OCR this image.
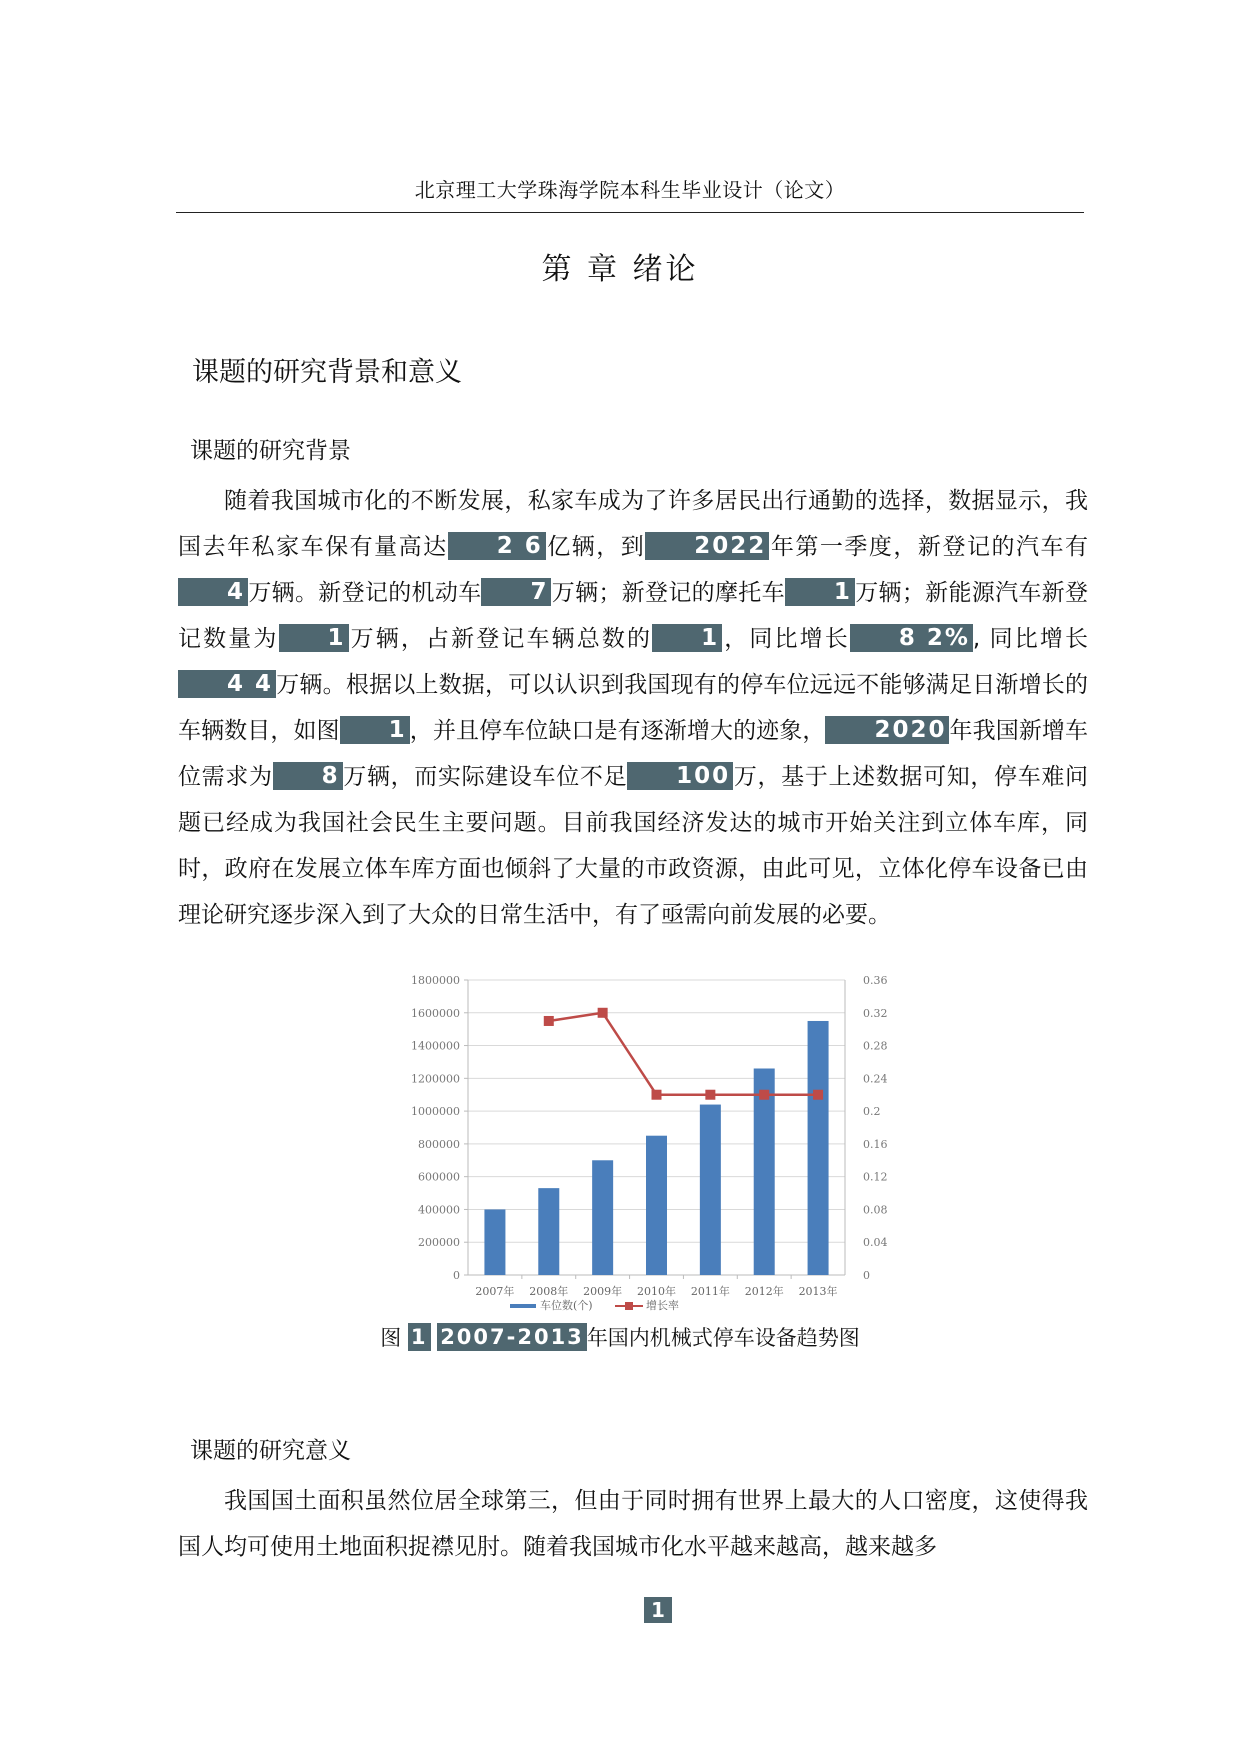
北京理工大学珠海学院本科生毕业设计（论文）
第 章 绪论
课题的研究背景和意义
课题的研究背景

随着我国城市化的不断发展，私家车成为了许多居民出行通勤的选择，数据显示，我国去年私家车保有量高达 2 6 亿辆，到 2022 年第一季度，新登记的汽车有4 万辆。新登记的机动车 7 万辆；新登记的摩托车 1 万辆；新能源汽车新登记数量为 1 万辆，占新登记车辆总数的 1 ，同比增长 8 2% , 同比增长4 4 万辆。根据以上数据，可以认识到我国现有的停车位远远不能够满足日渐增长的车辆数目，如图 1 ，并且停车位缺口是有逐渐增大的迹象， 2020 年我国新增车位需求为 8 万辆，而实际建设车位不足 100 万，基于上述数据可知，停车难问题已经成为我国社会民生主要问题。目前我国经济发达的城市开始关注到立体车库，同时，政府在发展立体车库方面也倾斜了大量的市政资源，由此可见，立体化停车设备已由理论研究逐步深入到了大众的日常生活中，有了亟需向前发展的必要。

0	0
200000	0.04
400000	0.08
600000	0.12
800000	0.16
1000000	0.2
1200000	0.24
1400000	0.28
1600000	0.32
1800000	0.36
2007年 2008年 2009年 2010年 2011年 2012年 2013年
车位数(个)	增长率
图 1 2007-2013 年国内机械式停车设备趋势图
课题的研究意义

我国国土面积虽然位居全球第三，但由于同时拥有世界上最大的人口密度，这使得我国人均可使用土地面积捉襟见肘。随着我国城市化水平越来越高，越来越多

1
